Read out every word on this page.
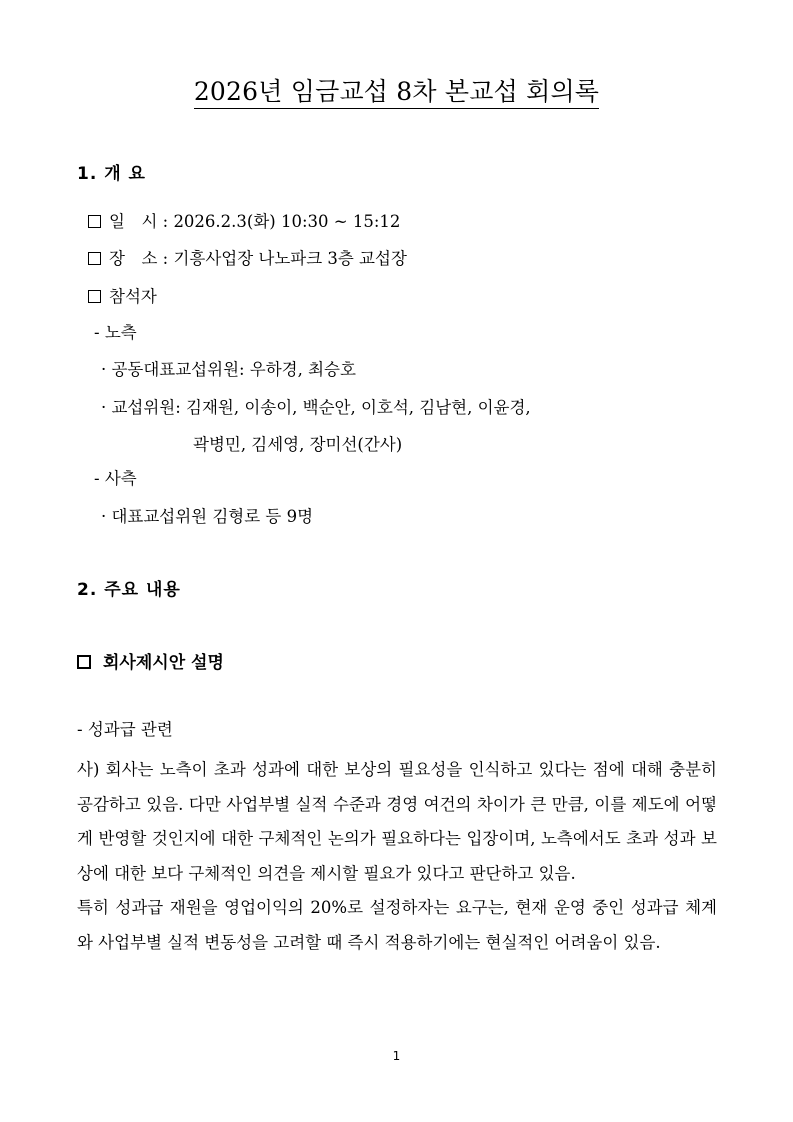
2026년 임금교섭 8차 본교섭 회의록
1. 개 요
일　시 : 2026.2.3(화) 10:30 ~ 15:12
장　소 : 기흥사업장 나노파크 3층 교섭장
참석자
- 노측
· 공동대표교섭위원: 우하경, 최승호
· 교섭위원: 김재원, 이송이, 백순안, 이호석, 김남현, 이윤경,
곽병민, 김세영, 장미선(간사)
- 사측
· 대표교섭위원 김형로 등 9명
2. 주요 내용
회사제시안 설명
- 성과급 관련

사) 회사는 노측이 초과 성과에 대한 보상의 필요성을 인식하고 있다는 점에 대해 충분히 공감하고 있음. 다만 사업부별 실적 수준과 경영 여건의 차이가 큰 만큼, 이를 제도에 어떻게 반영할 것인지에 대한 구체적인 논의가 필요하다는 입장이며, 노측에서도 초과 성과 보상에 대한 보다 구체적인 의견을 제시할 필요가 있다고 판단하고 있음.

특히 성과급 재원을 영업이익의 20%로 설정하자는 요구는, 현재 운영 중인 성과급 체계와 사업부별 실적 변동성을 고려할 때 즉시 적용하기에는 현실적인 어려움이 있음.

1
